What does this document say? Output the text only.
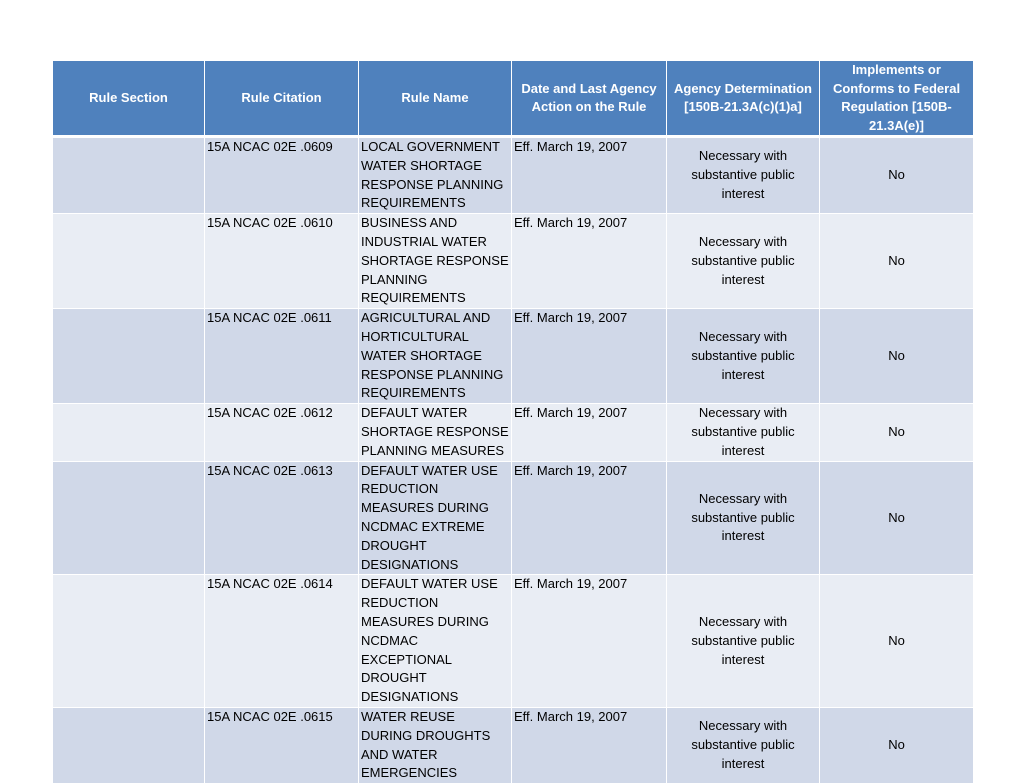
Rule Section	Rule Citation	Rule Name	Date and Last Agency Action on the Rule	Agency Determination [150B-21.3A(c)(1)a]	Implements or Conforms to Federal Regulation [150B-21.3A(e)]
	15A NCAC 02E .0609	LOCAL GOVERNMENT WATER SHORTAGE RESPONSE PLANNING REQUIREMENTS	Eff. March 19, 2007	Necessary with substantive public interest	No
	15A NCAC 02E .0610	BUSINESS AND INDUSTRIAL WATER SHORTAGE RESPONSE PLANNING REQUIREMENTS	Eff. March 19, 2007	Necessary with substantive public interest	No
	15A NCAC 02E .0611	AGRICULTURAL AND HORTICULTURAL WATER SHORTAGE RESPONSE PLANNING REQUIREMENTS	Eff. March 19, 2007	Necessary with substantive public interest	No
	15A NCAC 02E .0612	DEFAULT WATER SHORTAGE RESPONSE PLANNING MEASURES	Eff. March 19, 2007	Necessary with substantive public interest	No
	15A NCAC 02E .0613	DEFAULT WATER USE REDUCTION MEASURES DURING NCDMAC EXTREME DROUGHT DESIGNATIONS	Eff. March 19, 2007	Necessary with substantive public interest	No
	15A NCAC 02E .0614	DEFAULT WATER USE REDUCTION MEASURES DURING NCDMAC EXCEPTIONAL DROUGHT DESIGNATIONS	Eff. March 19, 2007	Necessary with substantive public interest	No
	15A NCAC 02E .0615	WATER REUSE DURING DROUGHTS AND WATER EMERGENCIES	Eff. March 19, 2007	Necessary with substantive public interest	No
